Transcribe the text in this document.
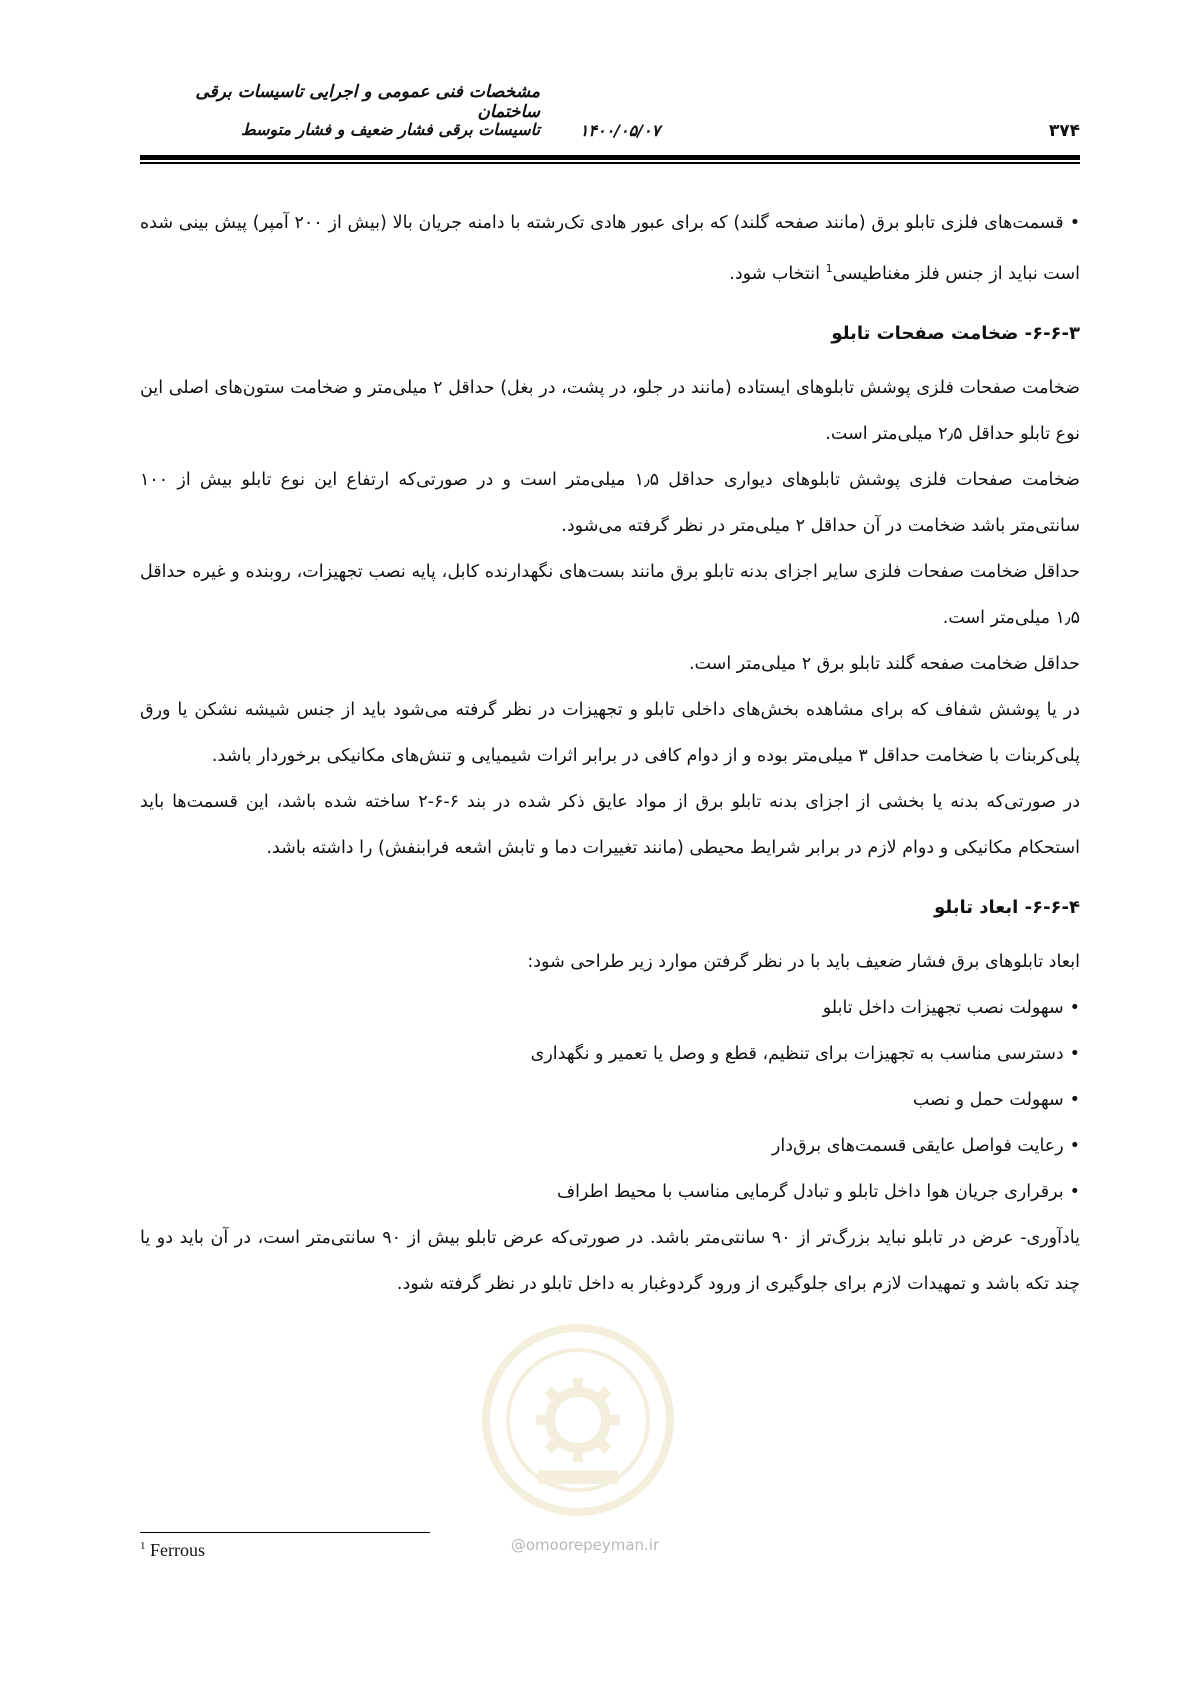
مشخصات فنی عمومی و اجرایی تاسیسات برقی ساختمان
تاسیسات برقی فشار ضعیف و فشار متوسط	۱۴۰۰/۰۵/۰۷	۳۷۴

•قسمت‌های فلزی تابلو برق (مانند صفحه گلند) که برای عبور هادی تک‌رشته با دامنه جریان بالا (بیش از ۲۰۰ آمپر) پیش بینی شده است نباید از جنس فلز مغناطیسی$^1$ انتخاب شود.

۶-۶-۳- ضخامت صفحات تابلو

ضخامت صفحات فلزی پوشش تابلوهای ایستاده (مانند در جلو، در پشت، در بغل) حداقل ۲ میلی‌متر و ضخامت ستون‌های اصلی این نوع تابلو حداقل ۲٫۵ میلی‌متر است.

ضخامت صفحات فلزی پوشش تابلوهای دیواری حداقل ۱٫۵ میلی‌متر است و در صورتی‌که ارتفاع این نوع تابلو بیش از ۱۰۰ سانتی‌متر باشد ضخامت در آن حداقل ۲ میلی‌متر در نظر گرفته می‌شود.

حداقل ضخامت صفحات فلزی سایر اجزای بدنه تابلو برق مانند بست‌های نگهدارنده کابل، پایه نصب تجهیزات، روبنده و غیره حداقل ۱٫۵ میلی‌متر است.

حداقل ضخامت صفحه گلند تابلو برق ۲ میلی‌متر است.

در یا پوشش شفاف که برای مشاهده بخش‌های داخلی تابلو و تجهیزات در نظر گرفته می‌شود باید از جنس شیشه نشکن یا ورق پلی‌کربنات با ضخامت حداقل ۳ میلی‌متر بوده و از دوام کافی در برابر اثرات شیمیایی و تنش‌های مکانیکی برخوردار باشد.

در صورتی‌که بدنه یا بخشی از اجزای بدنه تابلو برق از مواد عایق ذکر شده در بند ۶-۶-۲ ساخته شده باشد، این قسمت‌ها باید استحکام مکانیکی و دوام لازم در برابر شرایط محیطی (مانند تغییرات دما و تابش اشعه فرابنفش) را داشته باشد.

۶-۶-۴- ابعاد تابلو

ابعاد تابلوهای برق فشار ضعیف باید با در نظر گرفتن موارد زیر طراحی شود:

•سهولت نصب تجهیزات داخل تابلو
•دسترسی مناسب به تجهیزات برای تنظیم، قطع و وصل یا تعمیر و نگهداری
•سهولت حمل و نصب
•رعایت فواصل عایقی قسمت‌های برق‌دار
•برقراری جریان هوا داخل تابلو و تبادل گرمایی مناسب با محیط اطراف

یادآوری- عرض در تابلو نباید بزرگ‌تر از ۹۰ سانتی‌متر باشد. در صورتی‌که عرض تابلو بیش از ۹۰ سانتی‌متر است، در آن باید دو یا چند تکه باشد و تمهیدات لازم برای جلوگیری از ورود گردوغبار به داخل تابلو در نظر گرفته شود.

@omoorepeyman.ir
$^1$ Ferrous
